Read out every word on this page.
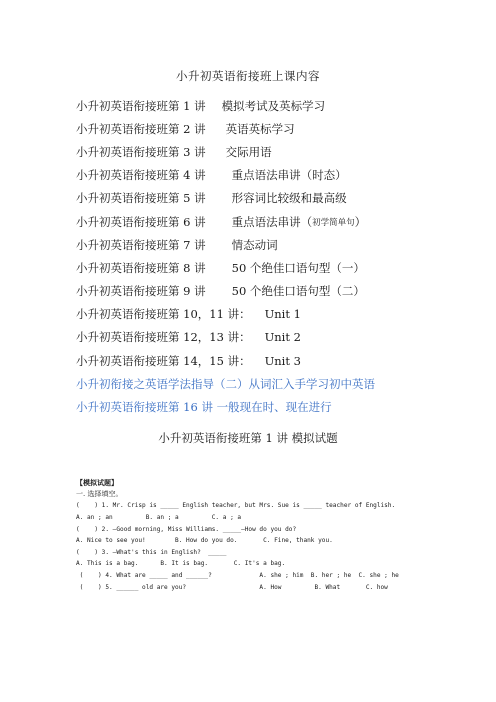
小升初英语衔接班上课内容
小升初英语衔接班第 1 讲 模拟考试及英标学习
小升初英语衔接班第 2 讲 英语英标学习
小升初英语衔接班第 3 讲 交际用语
小升初英语衔接班第 4 讲 重点语法串讲（时态）
小升初英语衔接班第 5 讲 形容词比较级和最高级
小升初英语衔接班第 6 讲 重点语法串讲（ 初学简单句 ）
小升初英语衔接班第 7 讲 情态动词
小升初英语衔接班第 8 讲 50 个绝佳口语句型（一）
小升初英语衔接班第 9 讲 50 个绝佳口语句型（二）
小升初英语衔接班第 10，11 讲： Unit 1
小升初英语衔接班第 12，13 讲： Unit 2
小升初英语衔接班第 14，15 讲： Unit 3
小升初衔接之英语学法指导（二）从词汇入手学习初中英语
小升初英语衔接班第 16 讲 一般现在时、现在进行
小升初英语衔接班第 1 讲 模拟试题
【模拟试题】
一. 选择填空。
(    ) 1. Mr. Crisp is _____ English teacher, but Mrs. Sue is _____ teacher of English.
A. an ; an         B. an ; a         C. a ; a
(    ) 2. —Good morning, Miss Williams. _____—How do you do?
A. Nice to see you!        B. How do you do.       C. Fine, thank you.
(    ) 3. —What's this in English?  _____
A. This is a bag.      B. It is bag.       C. It's a bag.
(    ) 4. What are _____ and ______?             A. she ; him  B. her ; he  C. she ; he
(    ) 5. ______ old are you?                    A. How         B. What       C. how
